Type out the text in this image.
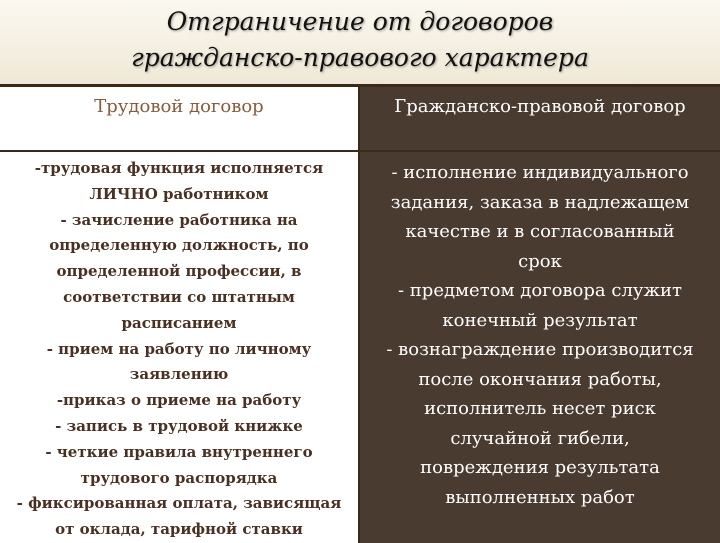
Отграничение от договоров
гражданско-правового характера
Трудовой договор	Гражданско-правовой договор
-трудовая функция исполняется
ЛИЧНО работником
- зачисление работника на
определенную должность, по
определенной профессии, в
соответствии со штатным
расписанием
- прием на работу по личному
заявлению
-приказ о приеме на работу
- запись в трудовой книжке
- четкие правила внутреннего
трудового распорядка
- фиксированная оплата, зависящая
от оклада, тарифной ставки
- исполнение индивидуального
задания, заказа в надлежащем
качестве и в согласованный
срок
- предметом договора служит
конечный результат
- вознаграждение производится
после окончания работы,
исполнитель несет риск
случайной гибели,
повреждения результата
выполненных работ
